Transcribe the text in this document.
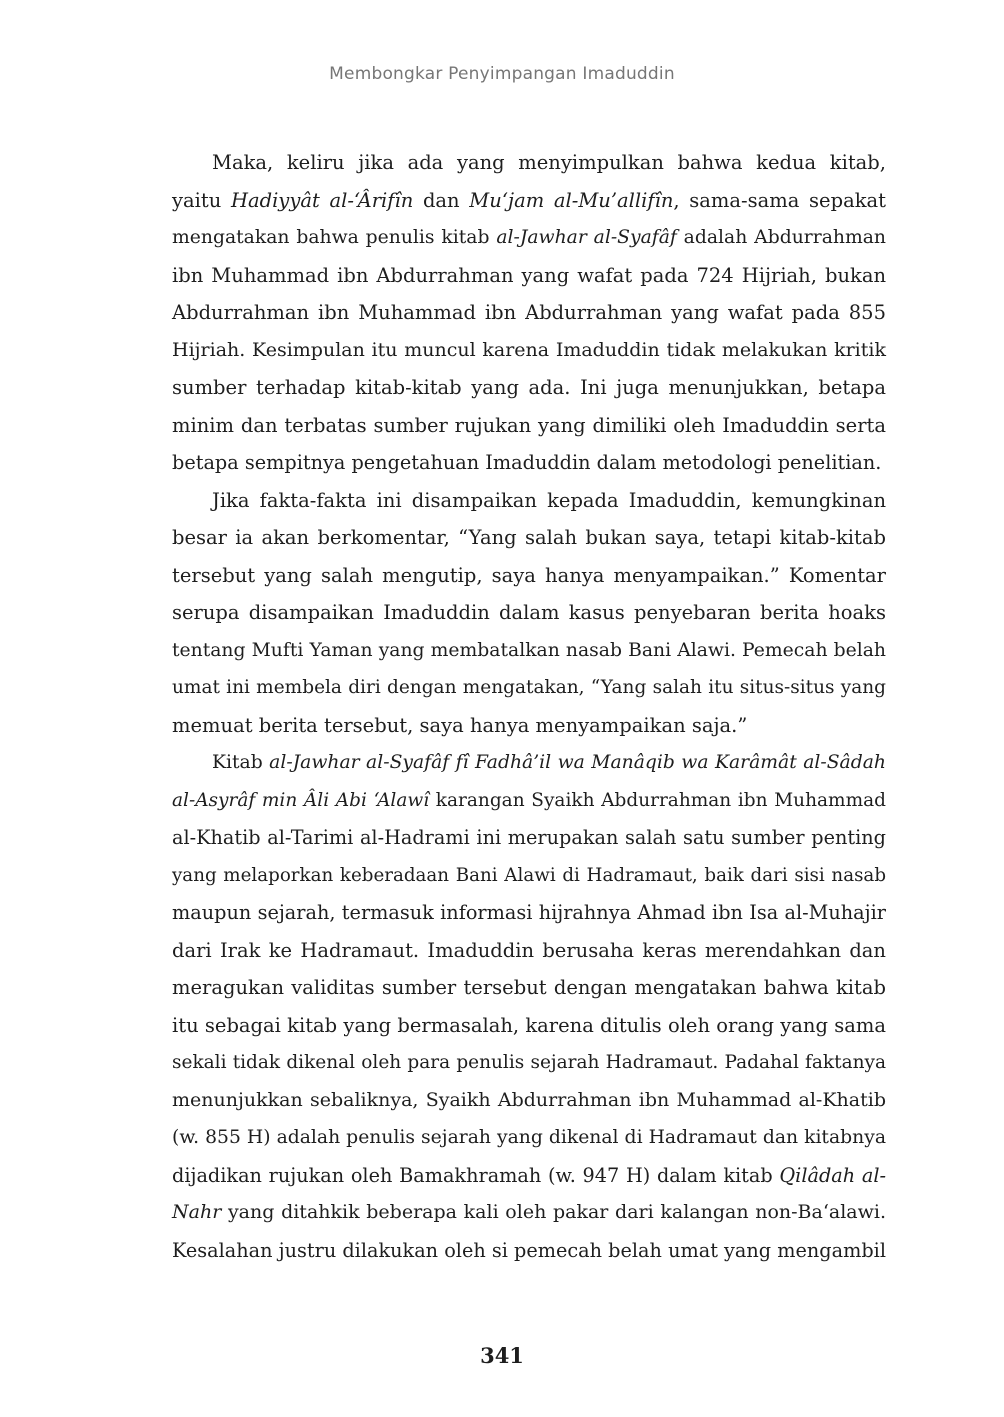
Membongkar Penyimpangan Imaduddin
Maka, keliru jika ada yang menyimpulkan bahwa kedua kitab,
yaitu Hadiyyât al-‘Ârifîn dan Mu‘jam al-Mu’allifîn, sama-sama sepakat
mengatakan bahwa penulis kitab al-Jawhar al-Syafâf adalah Abdurrahman
ibn Muhammad ibn Abdurrahman yang wafat pada 724 Hijriah, bukan
Abdurrahman ibn Muhammad ibn Abdurrahman yang wafat pada 855
Hijriah. Kesimpulan itu muncul karena Imaduddin tidak melakukan kritik
sumber terhadap kitab-kitab yang ada. Ini juga menunjukkan, betapa
minim dan terbatas sumber rujukan yang dimiliki oleh Imaduddin serta
betapa sempitnya pengetahuan Imaduddin dalam metodologi penelitian.
Jika fakta-fakta ini disampaikan kepada Imaduddin, kemungkinan
besar ia akan berkomentar, “Yang salah bukan saya, tetapi kitab-kitab
tersebut yang salah mengutip, saya hanya menyampaikan.” Komentar
serupa disampaikan Imaduddin dalam kasus penyebaran berita hoaks
tentang Mufti Yaman yang membatalkan nasab Bani Alawi. Pemecah belah
umat ini membela diri dengan mengatakan, “Yang salah itu situs-situs yang
memuat berita tersebut, saya hanya menyampaikan saja.”
Kitab al-Jawhar al-Syafâf fî Fadhâ’il wa Manâqib wa Karâmât al-Sâdah
al-Asyrâf min Âli Abi ‘Alawî karangan Syaikh Abdurrahman ibn Muhammad
al-Khatib al-Tarimi al-Hadrami ini merupakan salah satu sumber penting
yang melaporkan keberadaan Bani Alawi di Hadramaut, baik dari sisi nasab
maupun sejarah, termasuk informasi hijrahnya Ahmad ibn Isa al-Muhajir
dari Irak ke Hadramaut. Imaduddin berusaha keras merendahkan dan
meragukan validitas sumber tersebut dengan mengatakan bahwa kitab
itu sebagai kitab yang bermasalah, karena ditulis oleh orang yang sama
sekali tidak dikenal oleh para penulis sejarah Hadramaut. Padahal faktanya
menunjukkan sebaliknya, Syaikh Abdurrahman ibn Muhammad al-Khatib
(w. 855 H) adalah penulis sejarah yang dikenal di Hadramaut dan kitabnya
dijadikan rujukan oleh Bamakhramah (w. 947 H) dalam kitab Qilâdah al-
Nahr yang ditahkik beberapa kali oleh pakar dari kalangan non-Ba‘alawi.
Kesalahan justru dilakukan oleh si pemecah belah umat yang mengambil
341
